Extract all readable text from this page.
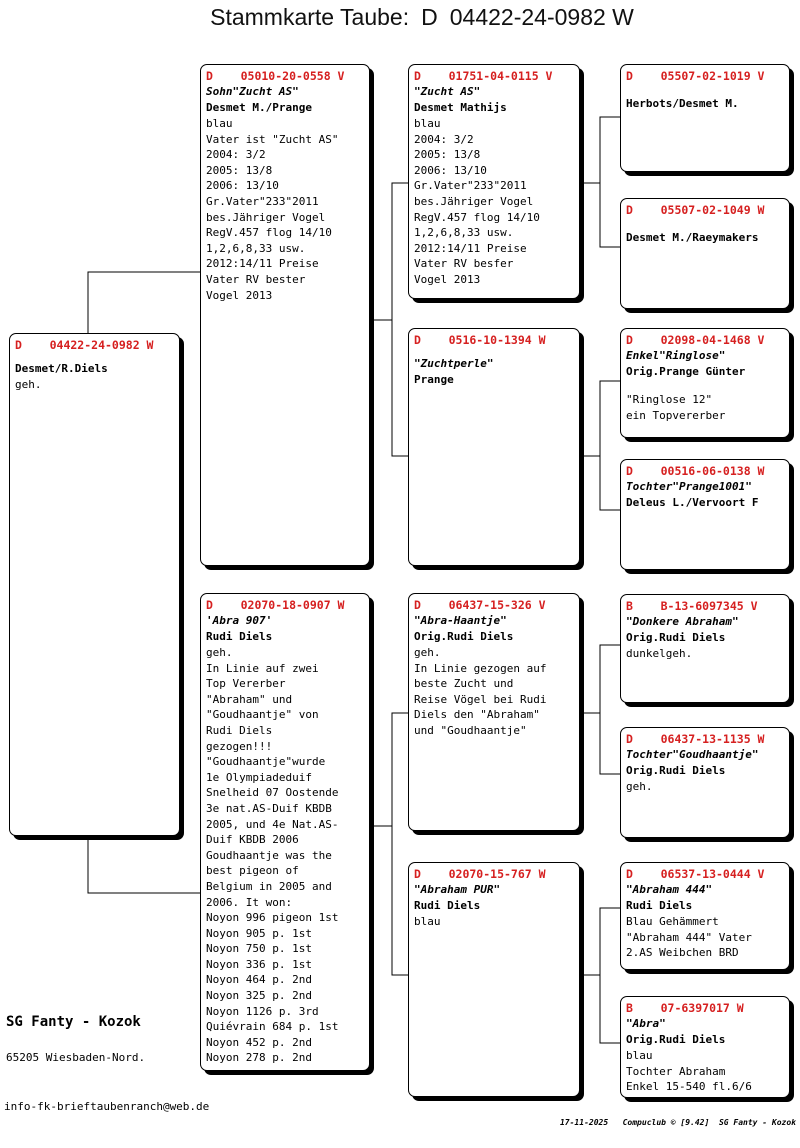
Stammkarte Taube: D 04422-24-0982 W
D    04422-24-0982 W
Desmet/R.Diels
geh.
D    05010-20-0558 V
Sohn"Zucht AS"
Desmet M./Prange
blau
Vater ist "Zucht AS"
2004: 3/2
2005: 13/8
2006: 13/10
Gr.Vater"233"2011
bes.Jähriger Vogel
RegV.457 flog 14/10
1,2,6,8,33 usw.
2012:14/11 Preise
Vater RV bester
Vogel 2013
D    02070-18-0907 W
'Abra 907'
Rudi Diels
geh.
In Linie auf zwei
Top Vererber
"Abraham" und
"Goudhaantje" von
Rudi Diels
gezogen!!!
"Goudhaantje"wurde
1e Olympiadeduif
Snelheid 07 Oostende
3e nat.AS-Duif KBDB
2005, und 4e Nat.AS-
Duif KBDB 2006
Goudhaantje was the
best pigeon of
Belgium in 2005 and
2006. It won:
Noyon 996 pigeon 1st
Noyon 905 p. 1st
Noyon 750 p. 1st
Noyon 336 p. 1st
Noyon 464 p. 2nd
Noyon 325 p. 2nd
Noyon 1126 p. 3rd
Quiévrain 684 p. 1st
Noyon 452 p. 2nd
Noyon 278 p. 2nd
D    01751-04-0115 V
"Zucht AS"
Desmet Mathijs
blau
2004: 3/2
2005: 13/8
2006: 13/10
Gr.Vater"233"2011
bes.Jähriger Vogel
RegV.457 flog 14/10
1,2,6,8,33 usw.
2012:14/11 Preise
Vater RV besfer
Vogel 2013
D    0516-10-1394 W
"Zuchtperle"
Prange
D    06437-15-326 V
"Abra-Haantje"
Orig.Rudi Diels
geh.
In Linie gezogen auf
beste Zucht und
Reise Vögel bei Rudi
Diels den "Abraham"
und "Goudhaantje"
D    02070-15-767 W
"Abraham PUR"
Rudi Diels
blau
D    05507-02-1019 V
Herbots/Desmet M.
D    05507-02-1049 W
Desmet M./Raeymakers
D    02098-04-1468 V
Enkel"Ringlose"
Orig.Prange Günter
"Ringlose 12"
ein Topvererber
D    00516-06-0138 W
Tochter"Prange1001"
Deleus L./Vervoort F
B    B-13-6097345 V
"Donkere Abraham"
Orig.Rudi Diels
dunkelgeh.
D    06437-13-1135 W
Tochter"Goudhaantje"
Orig.Rudi Diels
geh.
D    06537-13-0444 V
"Abraham 444"
Rudi Diels
Blau Gehämmert
"Abraham 444" Vater
2.AS Weibchen BRD
B    07-6397017 W
"Abra"
Orig.Rudi Diels
blau
Tochter Abraham
Enkel 15-540 fl.6/6
SG Fanty - Kozok
65205 Wiesbaden-Nord.
info-fk-brieftaubenranch@web.de
17-11-2025 Compuclub © [9.42]  SG Fanty - Kozok
